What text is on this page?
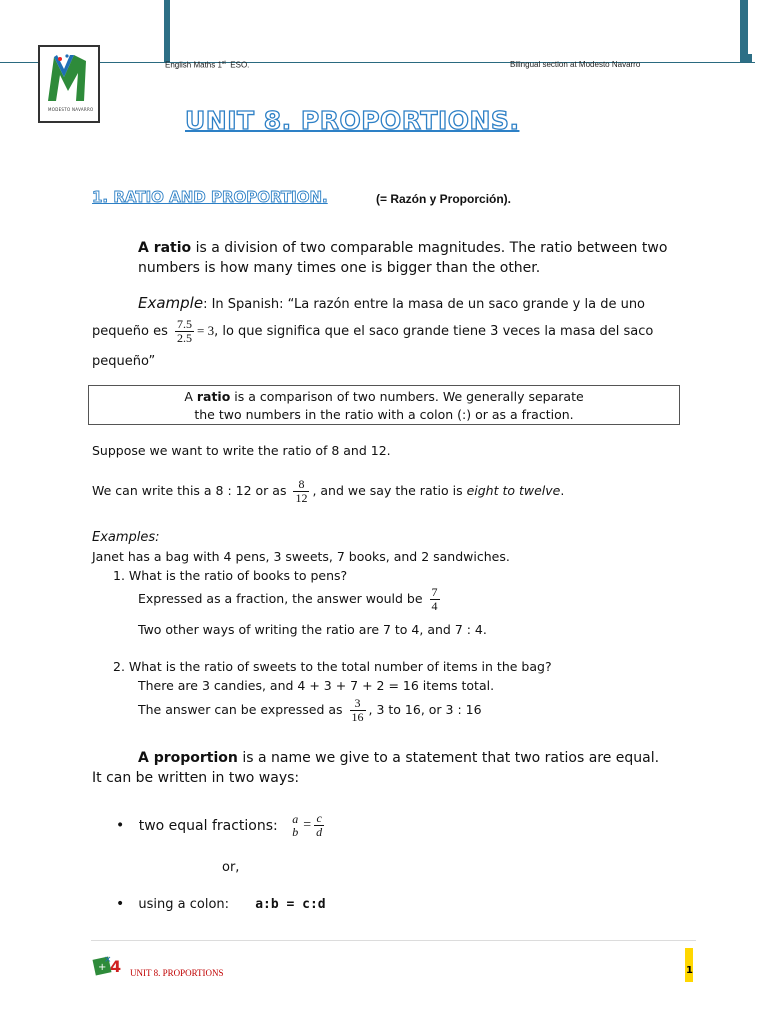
MODESTO NAVARRO
English Maths 1st ESO.	Bilingual section at Modesto Navarro
UNIT 8. PROPORTIONS.
1. RATIO AND PROPORTION.	(= Razón y Proporción).
A ratio is a division of two comparable magnitudes. The ratio between two
numbers is how many times one is bigger than the other.
Example: In Spanish: “La razón entre la masa de un saco grande y la de uno
pequeño es $\frac{7.5}{2.5} = 3$, lo que significa que el saco grande tiene 3 veces la masa del saco
pequeño”
A ratio is a comparison of two numbers. We generally separate
the two numbers in the ratio with a colon (:) or as a fraction.
Suppose we want to write the ratio of 8 and 12.
We can write this a 8 : 12 or as $\frac{8}{12}$ , and we say the ratio is eight to twelve.
Examples:
Janet has a bag with 4 pens, 3 sweets, 7 books, and 2 sandwiches.
1. What is the ratio of books to pens?
Expressed as a fraction, the answer would be $\frac{7}{4}$
Two other ways of writing the ratio are 7 to 4, and 7 : 4.
2. What is the ratio of sweets to the total number of items in the bag?
There are 3 candies, and 4 + 3 + 7 + 2 = 16 items total.
The answer can be expressed as $\frac{3}{16}$ , 3 to 16, or 3 : 16
A proportion is a name we give to a statement that two ratios are equal.
It can be written in two ways:
• two equal fractions: a
$b = \frac{c}{d}$
or,
• using a colon: a:b = c:d
+ 4
×
UNIT 8. PROPORTIONS	1
